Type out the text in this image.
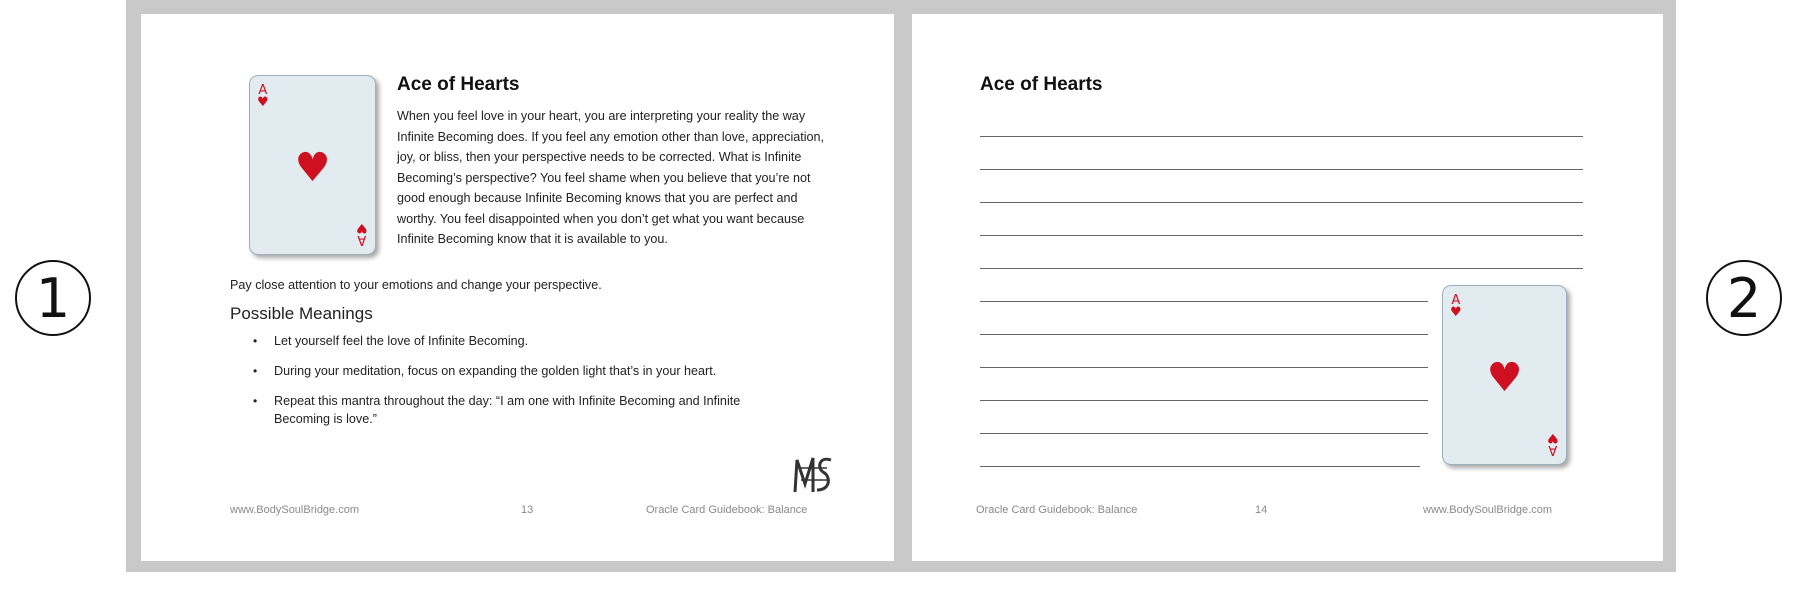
1	2
A
♥
♥
A
♥
Ace of Hearts
When you feel love in your heart, you are interpreting your reality the way Infinite Becoming does. If you feel any emotion other than love, appreciation, joy, or bliss, then your perspective needs to be corrected. What is Infinite Becoming’s perspective? You feel shame when you believe that you’re not good enough because Infinite Becoming knows that you are perfect and worthy. You feel disappointed when you don’t get what you want because Infinite Becoming know that it is available to you.
Pay close attention to your emotions and change your perspective.
Possible Meanings
• Let yourself feel the love of Infinite Becoming.
• During your meditation, focus on expanding the golden light that’s in your heart.
• Repeat this mantra throughout the day: “I am one with Infinite Becoming and Infinite Becoming is love.”
www.BodySoulBridge.com	13	Oracle Card Guidebook: Balance
Ace of Hearts
A
♥
♥
A
♥
Oracle Card Guidebook: Balance	14	www.BodySoulBridge.com
